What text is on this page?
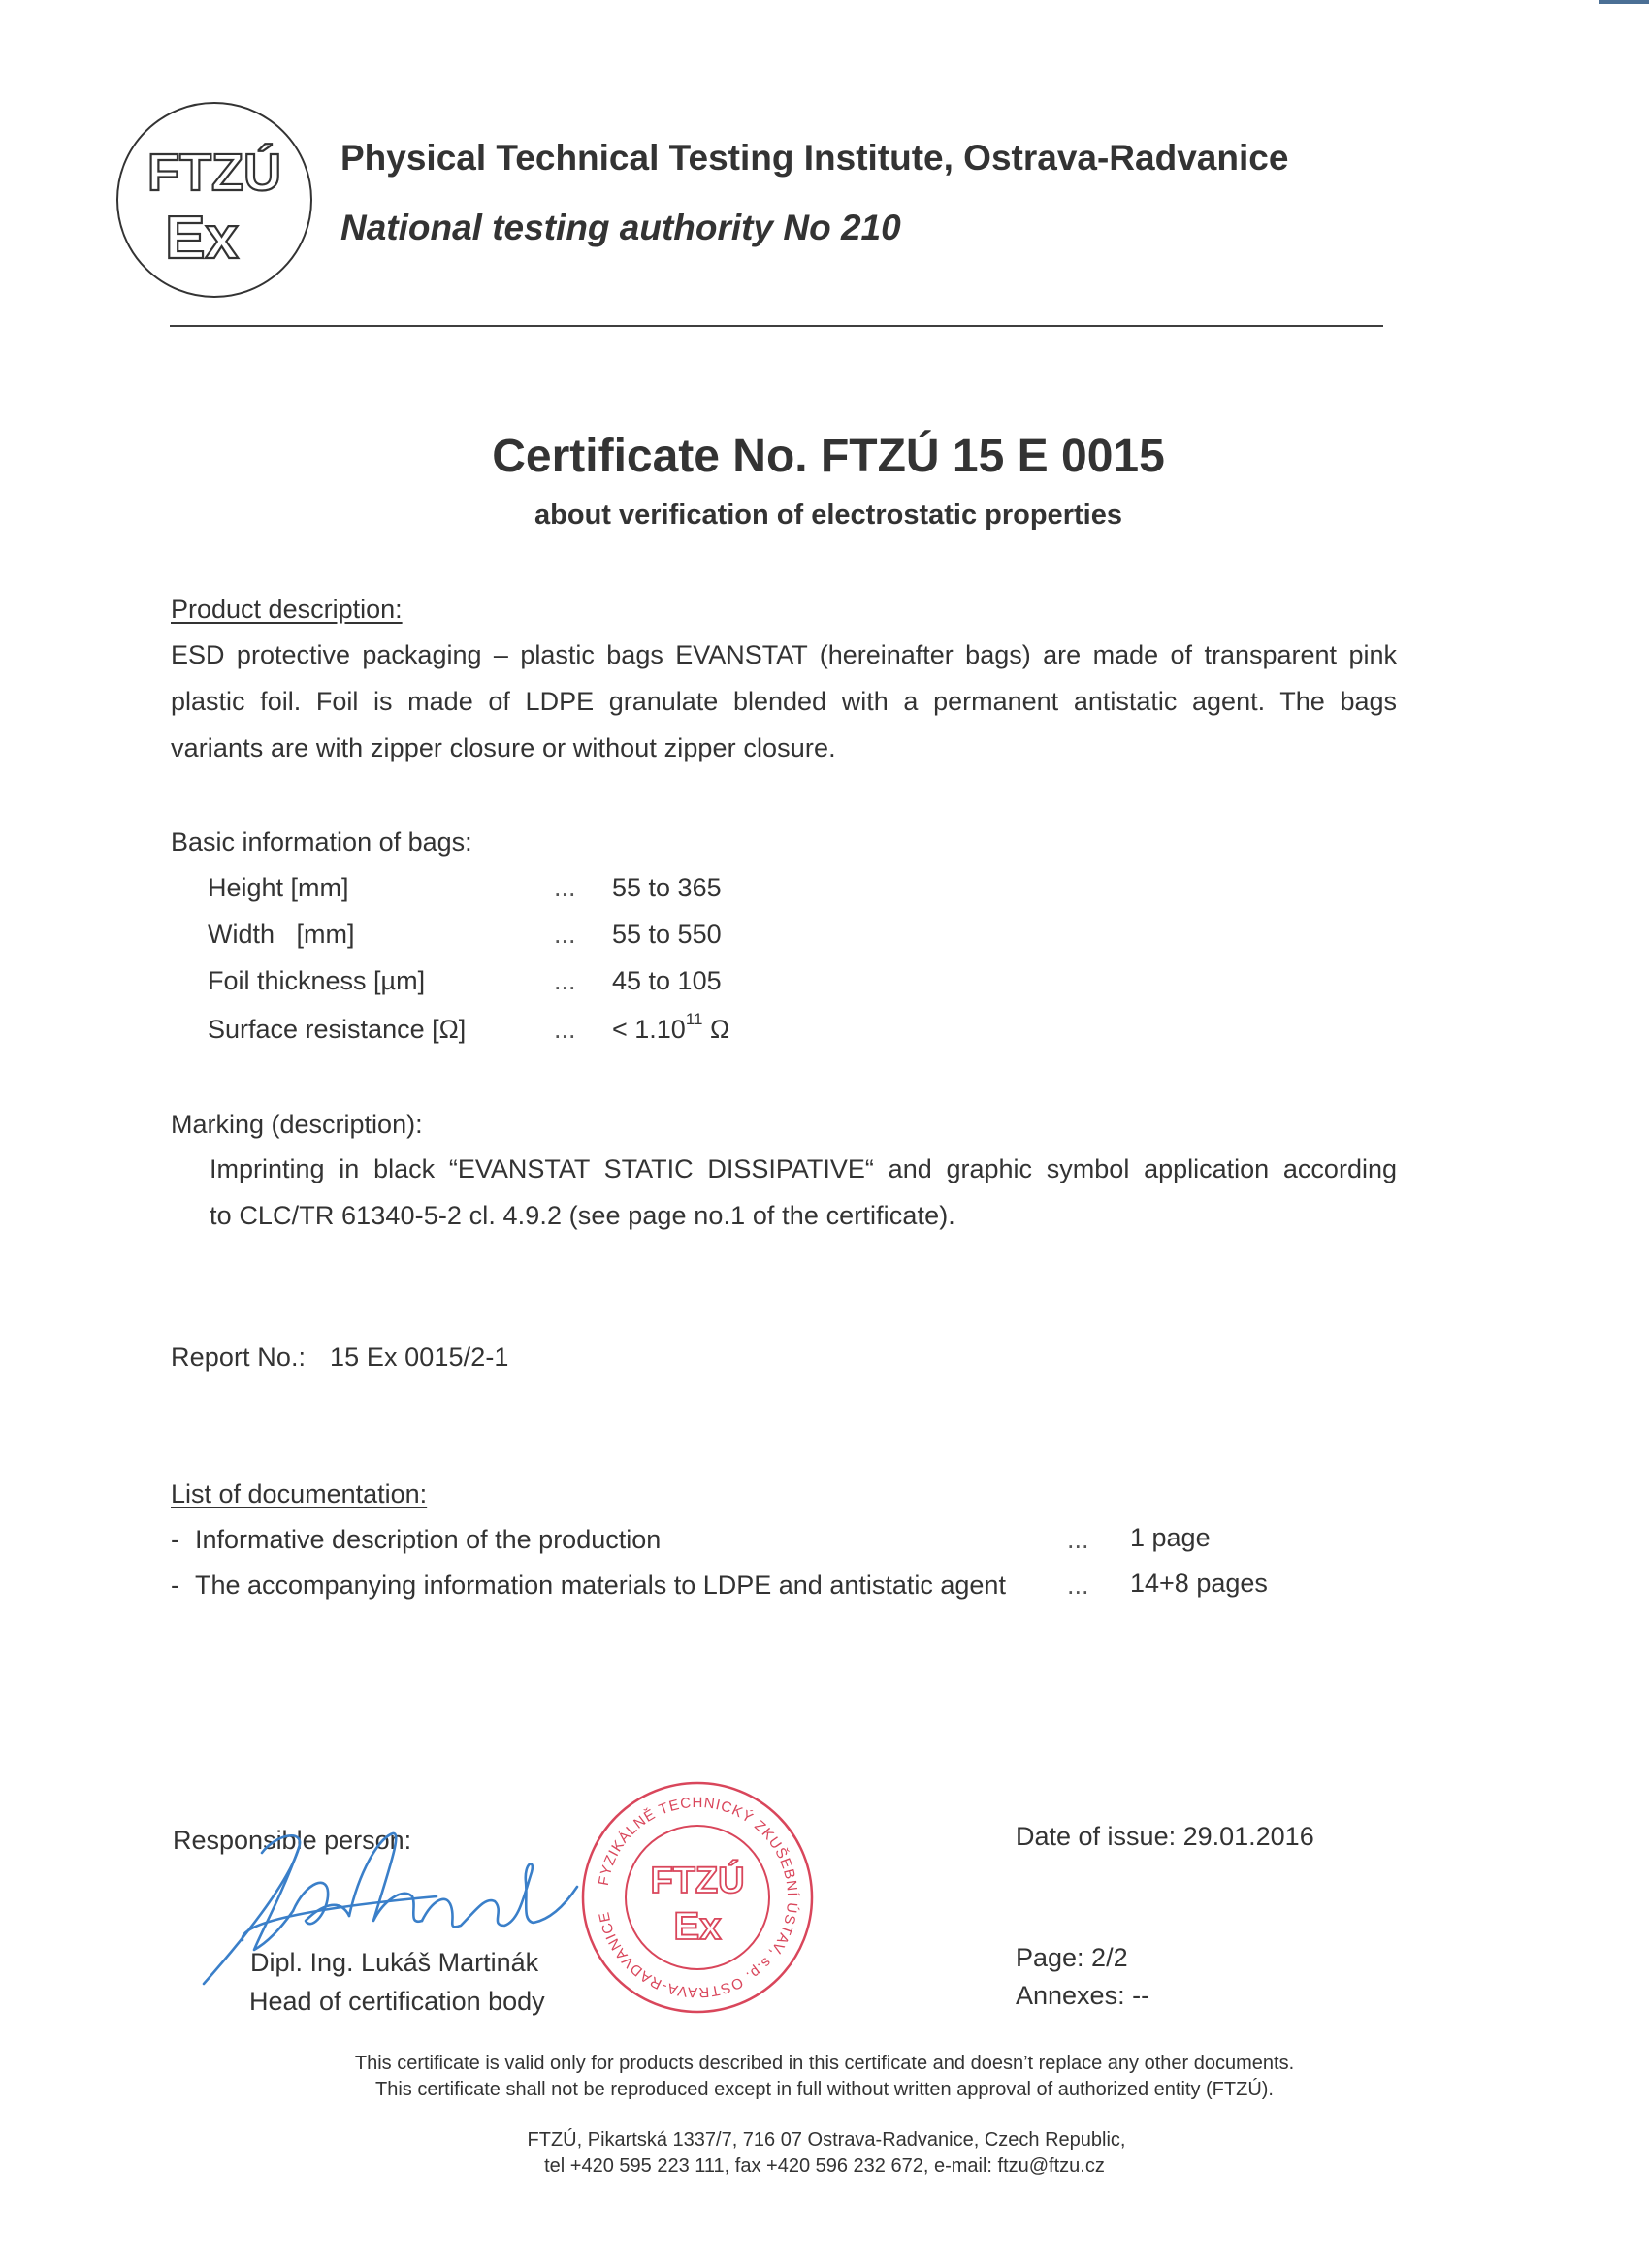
FTZÚ
Ex
Physical Technical Testing Institute, Ostrava-Radvanice
National testing authority No 210
Certificate No. FTZÚ 15 E 0015
about verification of electrostatic properties
Product description:
ESD protective packaging – plastic bags EVANSTAT (hereinafter bags) are made of transparent pink
plastic foil. Foil is made of LDPE granulate blended with a permanent antistatic agent. The bags
variants are with zipper closure or without zipper closure.
Basic information of bags:
Height [mm]	... 55 to 365
Width   [mm]	... 55 to 550
Foil thickness [µm]	... 45 to 105
Surface resistance [Ω]	... < $1.10^{11}$ Ω
Marking (description):
Imprinting in black “EVANSTAT STATIC DISSIPATIVE“ and graphic symbol application according
to CLC/TR 61340-5-2 cl. 4.9.2 (see page no.1 of the certificate).
Report No.: 15 Ex 0015/2-1
List of documentation:
- Informative description of the production	... 1 page
- The accompanying information materials to LDPE and antistatic agent ... 14+8 pages
Responsible person:
Dipl. Ing. Lukáš Martinák
Head of certification body
FYZIKÁLNĚ TECHNICKÝ ZKUŠEBNÍ ÚSTAV, s.p. OSTRAVA-RADVANICE
FTZÚ
Ex
Date of issue: 29.01.2016
Page: 2/2
Annexes: --
This certificate is valid only for products described in this certificate and doesn’t replace any other documents.
This certificate shall not be reproduced except in full without written approval of authorized entity (FTZÚ).
FTZÚ, Pikartská 1337/7, 716 07 Ostrava-Radvanice, Czech Republic,
tel +420 595 223 111, fax +420 596 232 672, e-mail: ftzu@ftzu.cz
